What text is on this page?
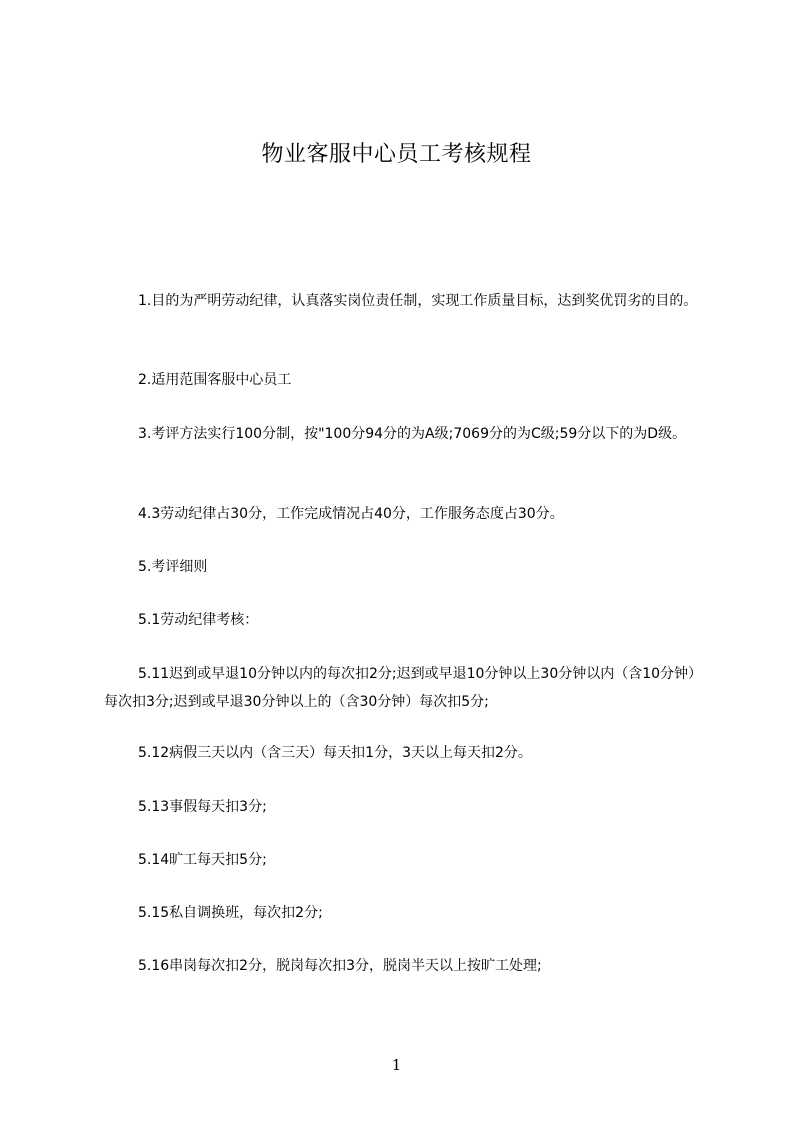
物业客服中心员工考核规程

1.目的为严明劳动纪律，认真落实岗位责任制，实现工作质量目标，达到奖优罚劣的目的。

2.适用范围客服中心员工

3.考评方法实行100分制，按"100分94分的为A级;7069分的为C级;59分以下的为D级。

4.3劳动纪律占30分，工作完成情况占40分，工作服务态度占30分。

5.考评细则

5.1劳动纪律考核：

5.11迟到或早退10分钟以内的每次扣2分;迟到或早退10分钟以上30分钟以内（含10分钟）每次扣3分;迟到或早退30分钟以上的（含30分钟）每次扣5分;

5.12病假三天以内（含三天）每天扣1分，3天以上每天扣2分。

5.13事假每天扣3分;

5.14旷工每天扣5分;

5.15私自调换班，每次扣2分;

5.16串岗每次扣2分，脱岗每次扣3分，脱岗半天以上按旷工处理;

1
